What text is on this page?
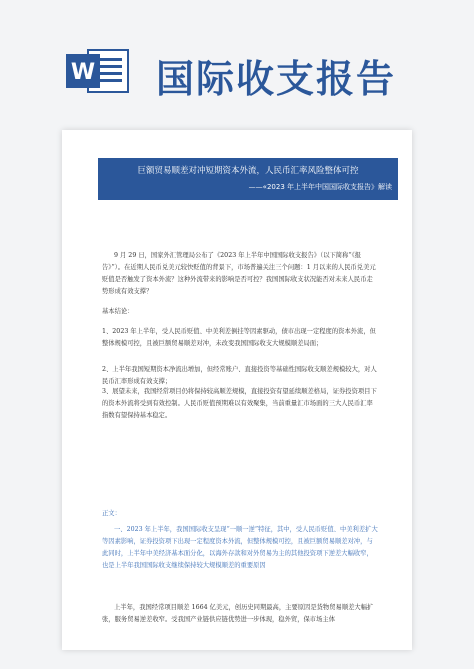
W 国际收支报告
巨额贸易顺差对冲短期资本外流，人民币汇率风险整体可控
——«2023 年上半年中国国际收支报告》解读
9 月 29 日，国家外汇管理局公布了《2023 年上半年中国国际收支报告》（以下简称“《报告》”）。在近期人民币兑美元较快贬值的背景下，市场普遍关注三个问题：1 月以来的人民币兑美元贬值是否触发了资本外流？这种外流带来的影响是否可控？我国国际收支状况能否对未来人民币走势形成有效支撑？
基本结论：
1、2023 年上半年，受人民币贬值、中美利差倒挂等因素驱动，债市出现一定程度的资本外流，但整体规模可控，且被巨额贸易顺差对冲，未改变我国国际收支大规模顺差局面；
2、上半年我国短期资本净流出增加，但经常账户、直接投资等基础性国际收支顺差规模较大，对人民币汇率形成有效支撑；
3、展望未来，我国经常项目仍将保持较高顺差规模，直接投资有望延续顺差格局，证券投资项目下的资本外流将受到有效控制。人民币贬值预期难以有效聚集，当前重量汇市场面的三大人民币汇率指数有望保持基本稳定。
正文：
一、2023 年上半年，我国国际收支呈现“一顺一逆”特征，其中，受人民币贬值、中美利差扩大等因素影响，证券投资项下出现一定程度资本外流，但整体规模可控，且被巨额贸易顺差对冲，与此同时，上半年中美经济基本面分化，以海外存款和对外贸易为主的其他投资项下逆差大幅收窄，也是上半年我国国际收支继续保持较大规模顺差的重要原因
上半年，我国经常项目顺差 1664 亿美元，创历史同期最高，主要原因是货物贸易顺差大幅扩张，服务贸易逆差收窄。受我国产业链供应链优势进一步体现，稳外贸，保市场主体
